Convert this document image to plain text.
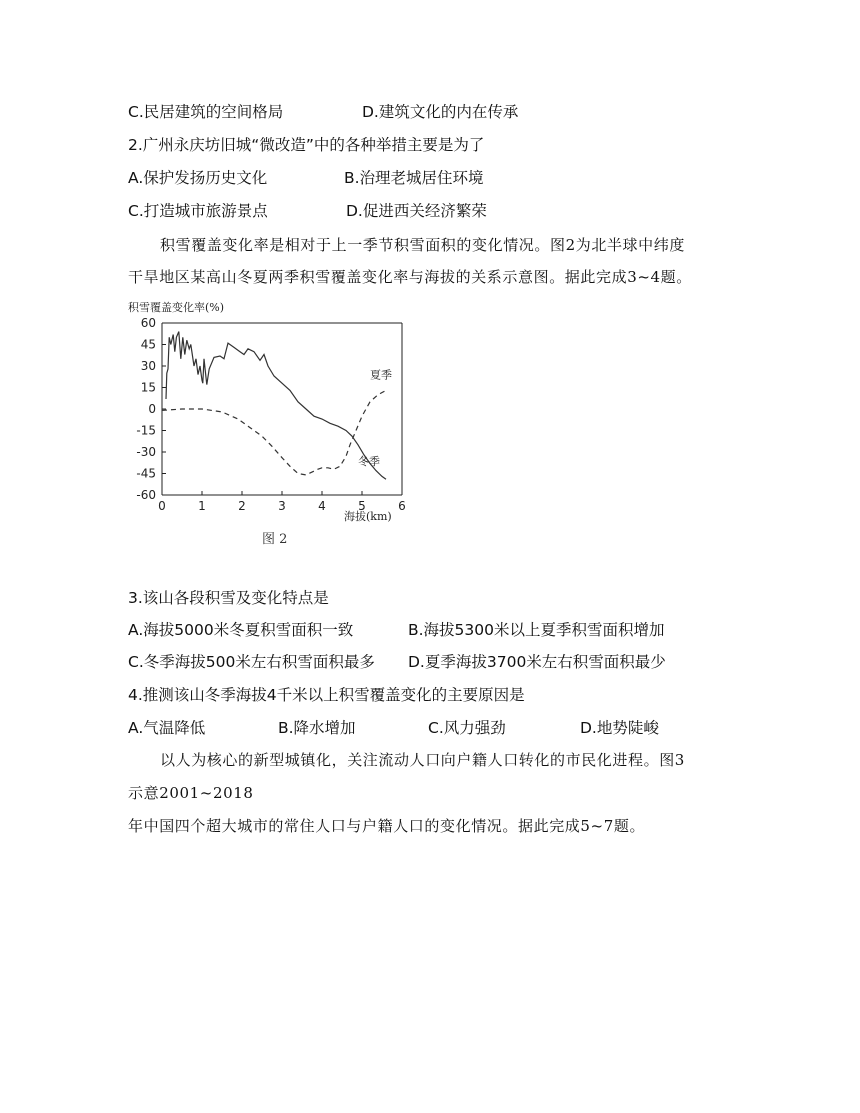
C.民居建筑的空间格局	D.建筑文化的内在传承
2.广州永庆坊旧城“微改造”中的各种举措主要是为了
A.保护发扬历史文化	B.治理老城居住环境
C.打造城市旅游景点	D.促进西关经济繁荣
积雪覆盖变化率是相对于上一季节积雪面积的变化情况。图2为北半球中纬度
干旱地区某高山冬夏两季积雪覆盖变化率与海拔的关系示意图。据此完成3~4题。
积雪覆盖变化率(%)
60
45
30
15
0
-15
-30
-45
-60
0	1	2	3	4	5	6
冬季
夏季
海拔(km)
图 2
3.该山各段积雪及变化特点是
A.海拔5000米冬夏积雪面积一致	B.海拔5300米以上夏季积雪面积增加
C.冬季海拔500米左右积雪面积最多 D.夏季海拔3700米左右积雪面积最少
4.推测该山冬季海拔4千米以上积雪覆盖变化的主要原因是
A.气温降低	B.降水增加	C.风力强劲	D.地势陡峻
以人为核心的新型城镇化，关注流动人口向户籍人口转化的市民化进程。图3
示意2001~2018
年中国四个超大城市的常住人口与户籍人口的变化情况。据此完成5~7题。
